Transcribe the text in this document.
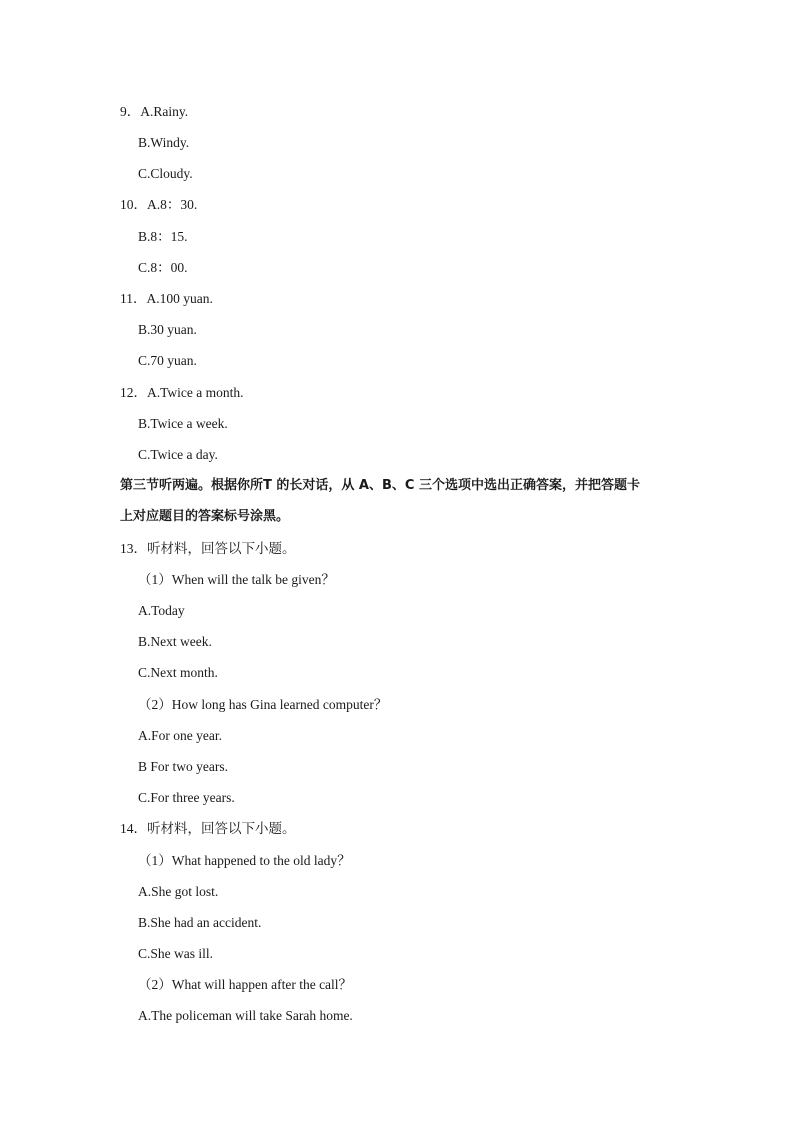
9．A.Rainy.
B.Windy.
C.Cloudy.
10．A.8：30.
B.8：15.
C.8：00.
11．A.100 yuan.
B.30 yuan.
C.70 yuan.
12．A.Twice a month.
B.Twice a week.
C.Twice a day.
第三节听两遍。根据你所T 的长对话，从 A、B、C 三个选项中选出正确答案，并把答题卡
上对应题目的答案标号涂黑。
13．听材料，回答以下小题。
（1）When will the talk be given？
A.Today
B.Next week.
C.Next month.
（2）How long has Gina learned computer？
A.For one year.
B For two years.
C.For three years.
14．听材料，回答以下小题。
（1）What happened to the old lady？
A.She got lost.
B.She had an accident.
C.She was ill.
（2）What will happen after the call？
A.The policeman will take Sarah home.
